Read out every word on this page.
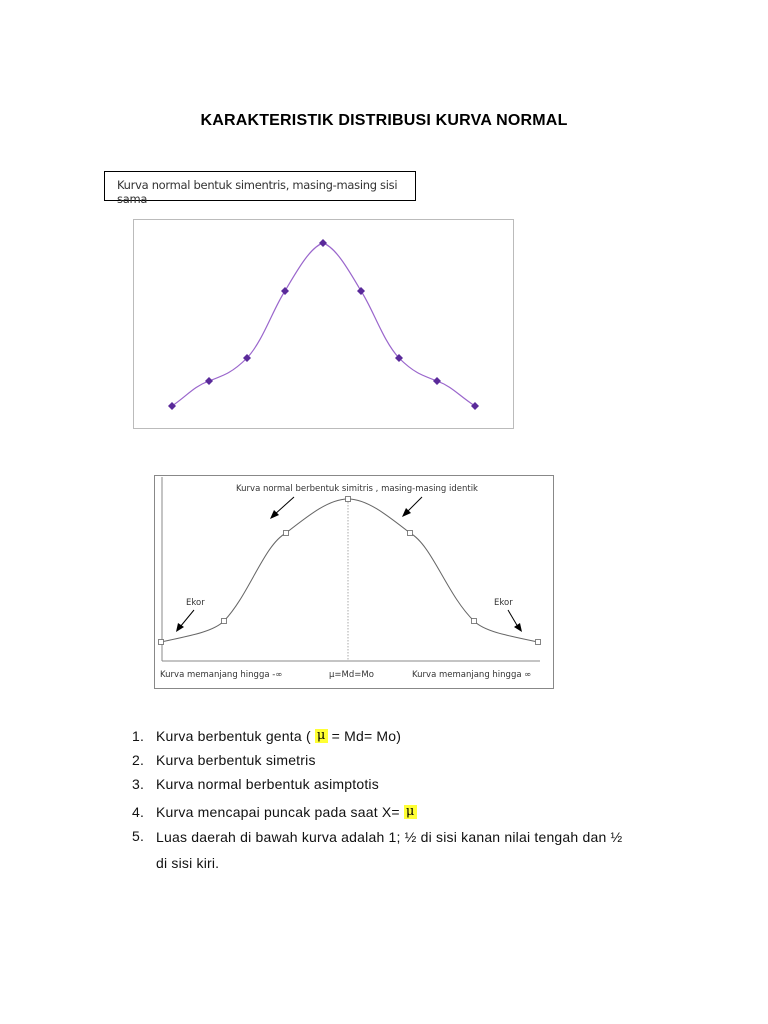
KARAKTERISTIK DISTRIBUSI KURVA NORMAL
Kurva normal bentuk simentris, masing-masing sisi sama
Kurva normal berbentuk simitris , masing-masing identik
Ekor	Ekor
Kurva memanjang hingga -∞	μ=Md=Mo	Kurva memanjang hingga ∞
1. Kurva berbentuk genta ( μ = Md= Mo)
2. Kurva berbentuk simetris
3. Kurva normal berbentuk asimptotis
4. Kurva mencapai puncak pada saat X= μ
5. Luas daerah di bawah kurva adalah 1; ½ di sisi kanan nilai tengah dan ½
di sisi kiri.
